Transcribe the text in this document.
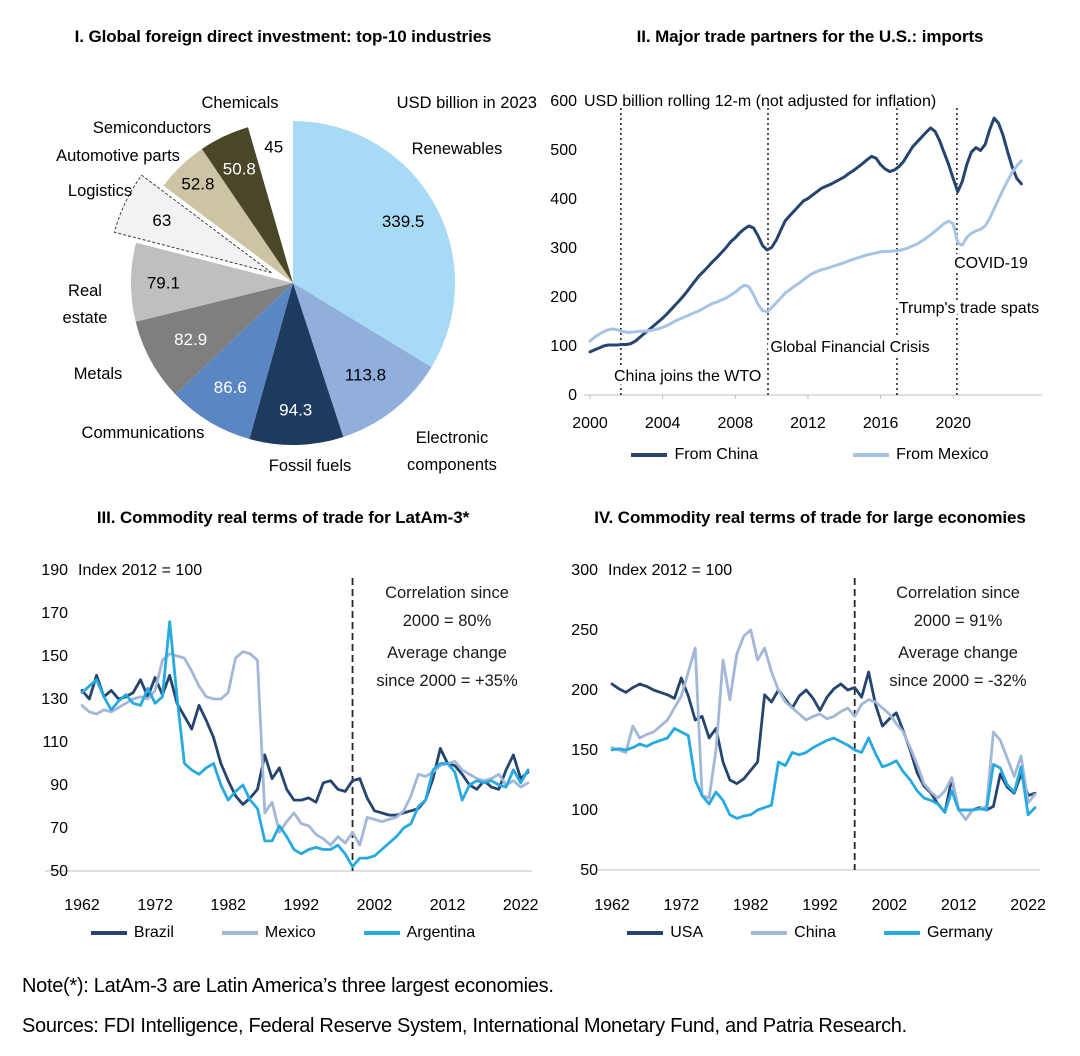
I. Global foreign direct investment: top-10 industries	II. Major trade partners for the U.S.: imports
III. Commodity real terms of trade for LatAm-3*	IV. Commodity real terms of trade for large economies
339.5
113.8
94.3
86.6
82.9
79.1
63
52.8
50.8
45	Renewables
Electronic
components
Fossil fuels
Communications
Metals
Real
estate
Logistics
Automotive parts
Semiconductors
Chemicals	USD billion in 2023
0
100
200
300
400
500
600 USD billion rolling 12-m (not adjusted for inflation)
2000 2004 2008 2012 2016 2020
China joins the WTO
Global Financial Crisis
Trump's trade spats
COVID-19
50
70
90
110
130
150
170
190 Index 2012 = 100
1962 1972 1982 1992 2002 2012 2022
Correlation since
2000 = 80%
Average change
since 2000 = +35%
50
100
150
200
250
300 Index 2012 = 100
1962 1972 1982 1992 2002 2012 2022
Correlation since
2000 = 91%
Average change
since 2000 = -32%
From China	From Mexico
Brazil	Mexico	Argentina	USA	China	Germany
Note(*): LatAm-3 are Latin America’s three largest economies.
Sources: FDI Intelligence, Federal Reserve System, International Monetary Fund, and Patria Research.
